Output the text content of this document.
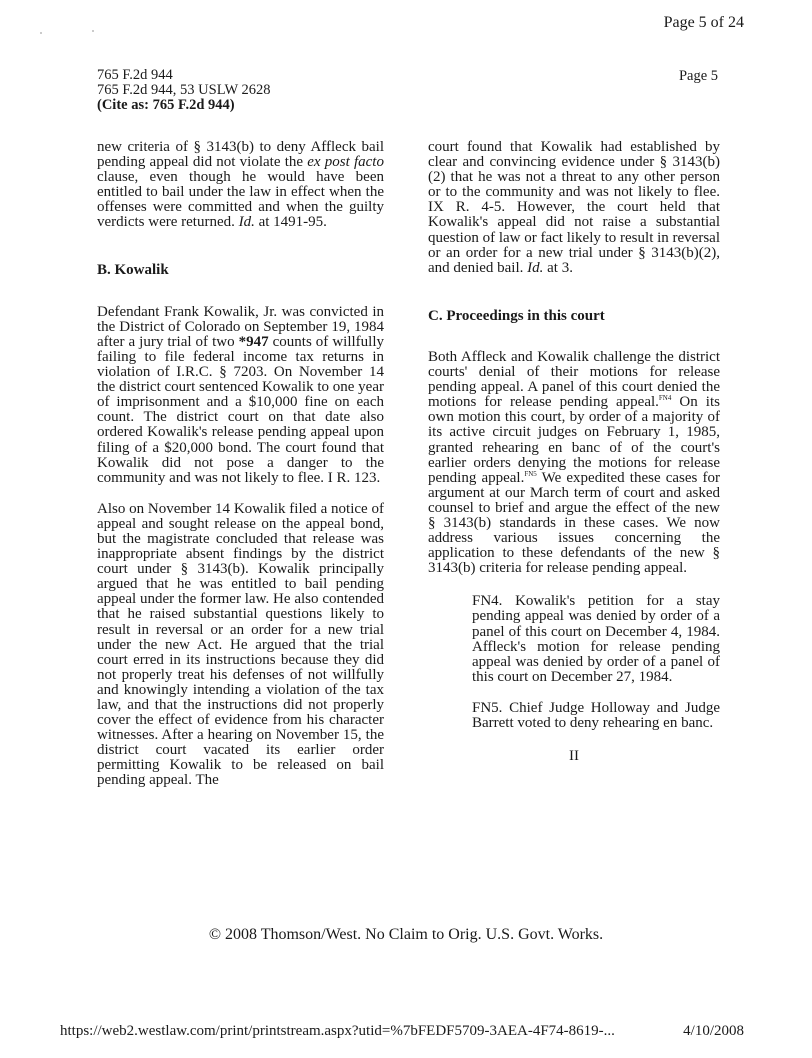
Page 5 of 24
765 F.2d 944
765 F.2d 944, 53 USLW 2628
(Cite as: 765 F.2d 944)
Page 5

new criteria of § 3143(b) to deny Affleck bail pending appeal did not violate the ex post facto clause, even though he would have been entitled to bail under the law in effect when the offenses were committed and when the guilty verdicts were returned. Id. at 1491-95.

B. Kowalik

Defendant Frank Kowalik, Jr. was convicted in the District of Colorado on September 19, 1984 after a jury trial of two *947 counts of willfully failing to file federal income tax returns in violation of I.R.C. § 7203. On November 14 the district court sentenced Kowalik to one year of imprisonment and a $10,000 fine on each count. The district court on that date also ordered Kowalik's release pending appeal upon filing of a $20,000 bond. The court found that Kowalik did not pose a danger to the community and was not likely to flee. I R. 123.

Also on November 14 Kowalik filed a notice of appeal and sought release on the appeal bond, but the magistrate concluded that release was inappropriate absent findings by the district court under § 3143(b). Kowalik principally argued that he was entitled to bail pending appeal under the former law. He also contended that he raised substantial questions likely to result in reversal or an order for a new trial under the new Act. He argued that the trial court erred in its instructions because they did not properly treat his defenses of not willfully and knowingly intending a violation of the tax law, and that the instructions did not properly cover the effect of evidence from his character witnesses. After a hearing on November 15, the district court vacated its earlier order permitting Kowalik to be released on bail pending appeal. The

court found that Kowalik had established by clear and convincing evidence under § 3143(b)(2) that he was not a threat to any other person or to the community and was not likely to flee. IX R. 4-5. However, the court held that Kowalik's appeal did not raise a substantial question of law or fact likely to result in reversal or an order for a new trial under § 3143(b)(2), and denied bail. Id. at 3.

C. Proceedings in this court

Both Affleck and Kowalik challenge the district courts' denial of their motions for release pending appeal. A panel of this court denied the motions for release pending appeal.$^{FN4}$ On its own motion this court, by order of a majority of its active circuit judges on February 1, 1985, granted rehearing en banc of of the court's earlier orders denying the motions for release pending appeal.$^{FN5}$ We expedited these cases for argument at our March term of court and asked counsel to brief and argue the effect of the new § 3143(b) standards in these cases. We now address various issues concerning the application to these defendants of the new § 3143(b) criteria for release pending appeal.

FN4. Kowalik's petition for a stay pending appeal was denied by order of a panel of this court on December 4, 1984. Affleck's motion for release pending appeal was denied by order of a panel of this court on December 27, 1984.

FN5. Chief Judge Holloway and Judge Barrett voted to deny rehearing en banc.

II

© 2008 Thomson/West. No Claim to Orig. U.S. Govt. Works.
https://web2.westlaw.com/print/printstream.aspx?utid=%7bFEDF5709-3AEA-4F74-8619-...	4/10/2008
